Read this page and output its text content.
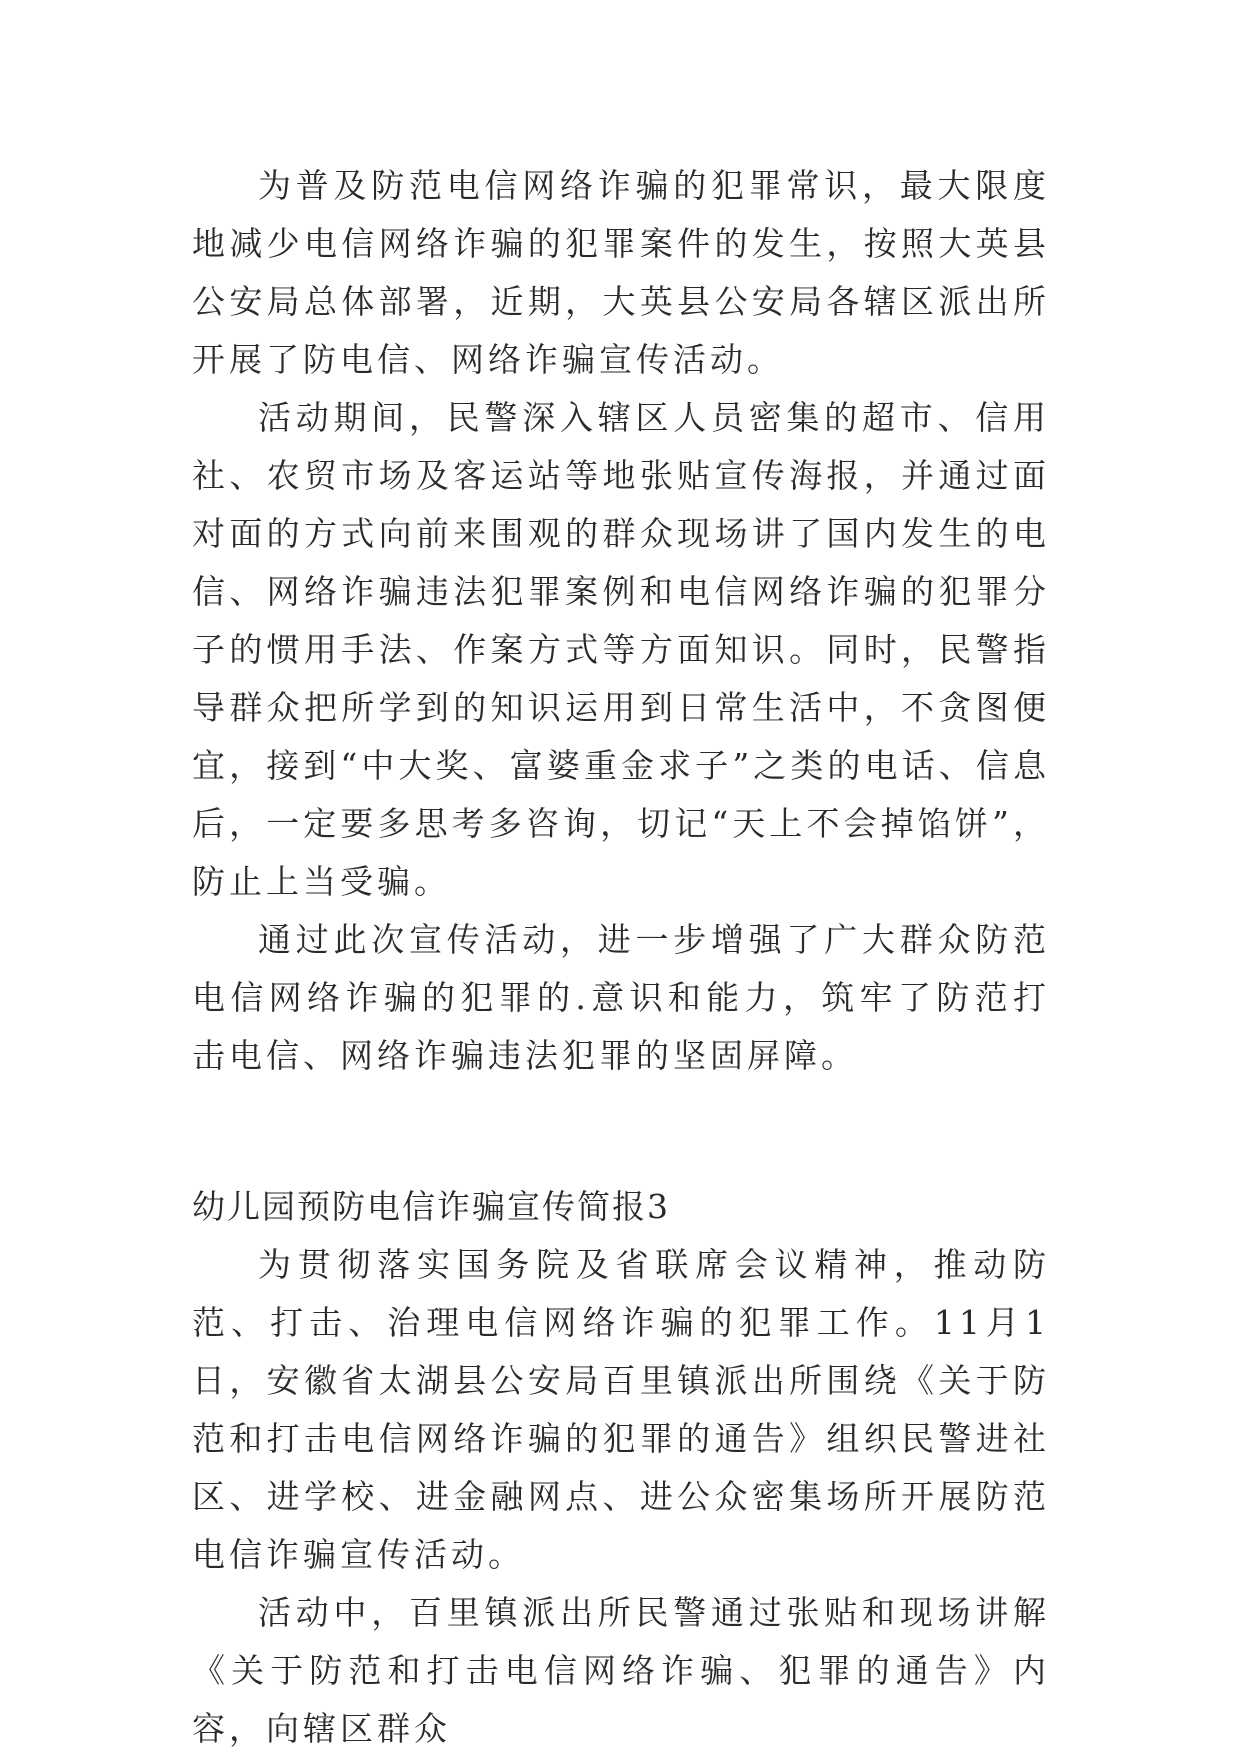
为普及防范电信网络诈骗的犯罪常识，最大限度地减少电信网络诈骗的犯罪案件的发生，按照大英县公安局总体部署，近期，大英县公安局各辖区派出所开展了防电信、网络诈骗宣传活动。

活动期间，民警深入辖区人员密集的超市、信用社、农贸市场及客运站等地张贴宣传海报，并通过面对面的方式向前来围观的群众现场讲了国内发生的电信、网络诈骗违法犯罪案例和电信网络诈骗的犯罪分子的惯用手法、作案方式等方面知识。同时，民警指导群众把所学到的知识运用到日常生活中，不贪图便宜，接到“中大奖、富婆重金求子”之类的电话、信息后，一定要多思考多咨询，切记“天上不会掉馅饼”，防止上当受骗。

通过此次宣传活动，进一步增强了广大群众防范电信网络诈骗的犯罪的.意识和能力，筑牢了防范打击电信、网络诈骗违法犯罪的坚固屏障。

幼儿园预防电信诈骗宣传简报3

为贯彻落实国务院及省联席会议精神，推动防范、打击、治理电信网络诈骗的犯罪工作。11月1日，安徽省太湖县公安局百里镇派出所围绕《关于防范和打击电信网络诈骗的犯罪的通告》组织民警进社区、进学校、进金融网点、进公众密集场所开展防范电信诈骗宣传活动。

活动中，百里镇派出所民警通过张贴和现场讲解《关于防范和打击电信网络诈骗、犯罪的通告》内容，向辖区群众
